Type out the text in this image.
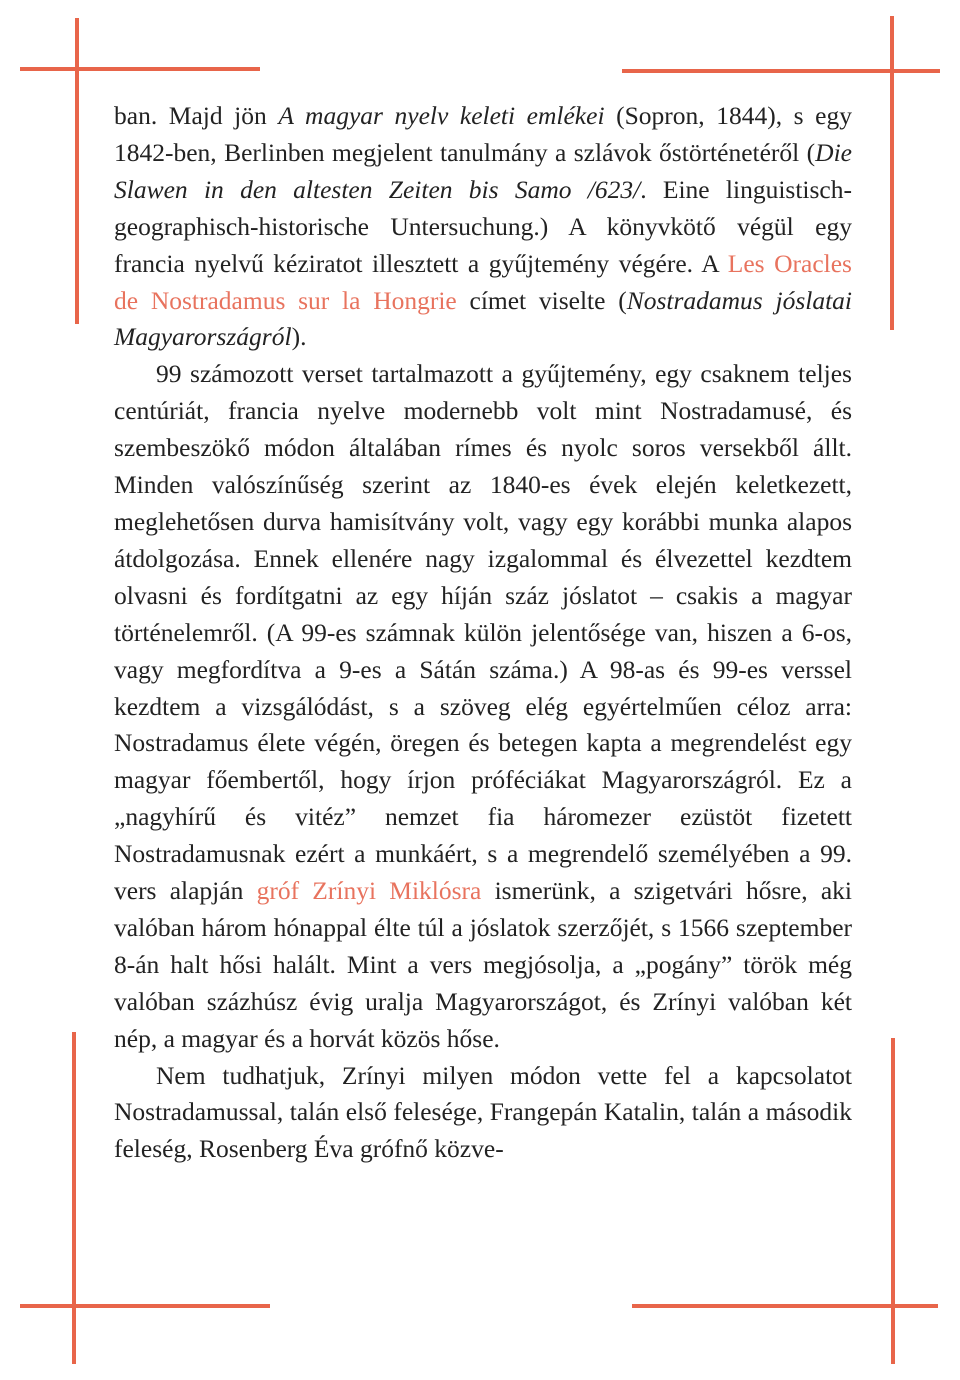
ban. Majd jön A magyar nyelv keleti emlékei (Sopron, 1844), s egy 1842-ben, Berlinben megjelent tanulmány a szlávok őstörténetéről (Die Slawen in den altesten Zeiten bis Samo /623/. Eine linguistisch-geographisch-historische Untersuchung.) A könyvkötő végül egy francia nyelvű kéziratot illesztett a gyűjtemény végére. A Les Oracles de Nostradamus sur la Hongrie címet viselte (Nostradamus jóslatai Magyarországról).

99 számozott verset tartalmazott a gyűjtemény, egy csaknem teljes centúriát, francia nyelve modernebb volt mint Nostradamusé, és szembeszökő módon általában rímes és nyolc soros versekből állt. Minden valószínűség szerint az 1840-es évek elején keletkezett, meglehetősen durva hamisítvány volt, vagy egy korábbi munka alapos átdolgozása. Ennek ellenére nagy izgalommal és élvezettel kezdtem olvasni és fordítgatni az egy híján száz jóslatot – csakis a magyar történelemről. (A 99-es számnak külön jelentősége van, hiszen a 6-os, vagy megfordítva a 9-es a Sátán száma.) A 98-as és 99-es verssel kezdtem a vizsgálódást, s a szöveg elég egyértelműen céloz arra: Nostradamus élete végén, öregen és betegen kapta a megrendelést egy magyar főembertől, hogy írjon próféciákat Magyarországról. Ez a „nagyhírű és vitéz” nemzet fia háromezer ezüstöt fizetett Nostradamusnak ezért a munkáért, s a megrendelő személyében a 99. vers alapján gróf Zrínyi Miklósra ismerünk, a szigetvári hősre, aki valóban három hónappal élte túl a jóslatok szerzőjét, s 1566 szeptember 8-án halt hősi halált. Mint a vers megjósolja, a „pogány” török még valóban százhúsz évig uralja Magyarországot, és Zrínyi valóban két nép, a magyar és a horvát közös hőse.

Nem tudhatjuk, Zrínyi milyen módon vette fel a kapcsolatot Nostradamussal, talán első felesége, Frangepán Katalin, talán a második feleség, Rosenberg Éva grófnő közve-
